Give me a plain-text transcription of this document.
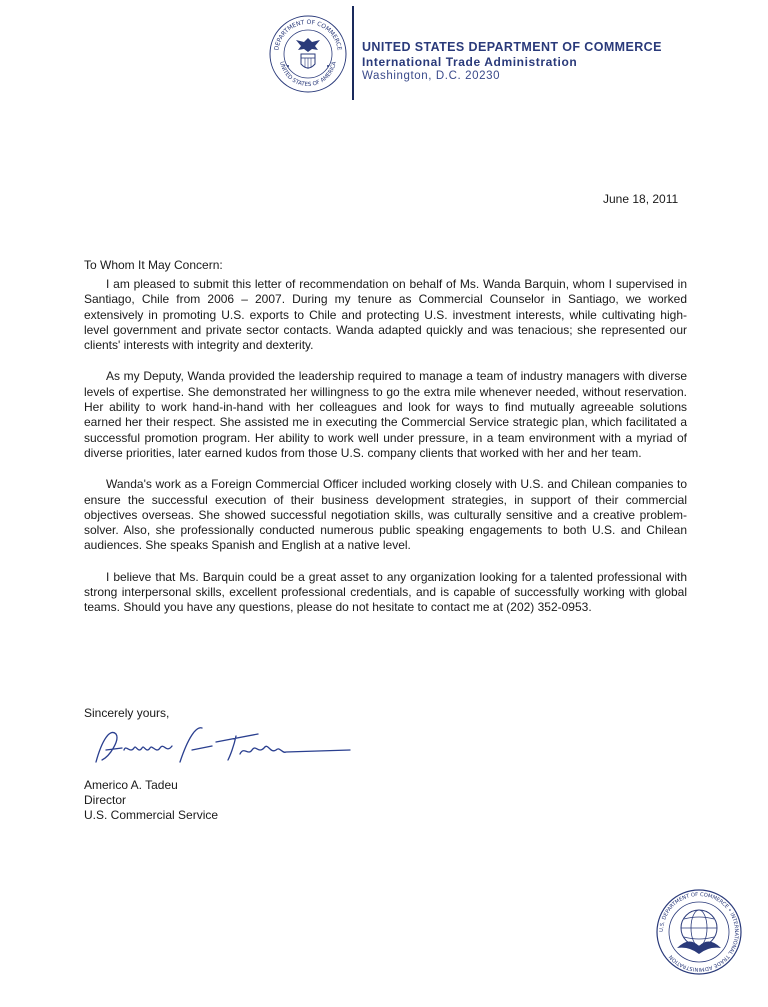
DEPARTMENT OF COMMERCE
UNITED STATES OF AMERICA
UNITED STATES DEPARTMENT OF COMMERCE
International Trade Administration
Washington, D.C. 20230
June 18, 2011
To Whom It May Concern:

I am pleased to submit this letter of recommendation on behalf of Ms. Wanda Barquin, whom I supervised in Santiago, Chile from 2006 – 2007. During my tenure as Commercial Counselor in Santiago, we worked extensively in promoting U.S. exports to Chile and protecting U.S. investment interests, while cultivating high-level government and private sector contacts. Wanda adapted quickly and was tenacious; she represented our clients' interests with integrity and dexterity.

As my Deputy, Wanda provided the leadership required to manage a team of industry managers with diverse levels of expertise. She demonstrated her willingness to go the extra mile whenever needed, without reservation. Her ability to work hand-in-hand with her colleagues and look for ways to find mutually agreeable solutions earned her their respect. She assisted me in executing the Commercial Service strategic plan, which facilitated a successful promotion program. Her ability to work well under pressure, in a team environment with a myriad of diverse priorities, later earned kudos from those U.S. company clients that worked with her and her team.

Wanda's work as a Foreign Commercial Officer included working closely with U.S. and Chilean companies to ensure the successful execution of their business development strategies, in support of their commercial objectives overseas. She showed successful negotiation skills, was culturally sensitive and a creative problem-solver. Also, she professionally conducted numerous public speaking engagements to both U.S. and Chilean audiences. She speaks Spanish and English at a native level.

I believe that Ms. Barquin could be a great asset to any organization looking for a talented professional with strong interpersonal skills, excellent professional credentials, and is capable of successfully working with global teams. Should you have any questions, please do not hesitate to contact me at (202) 352-0953.

Sincerely yours,
Americo A. Tadeu
Director
U.S. Commercial Service
U.S. DEPARTMENT OF COMMERCE • INTERNATIONAL TRADE ADMINISTRATION
